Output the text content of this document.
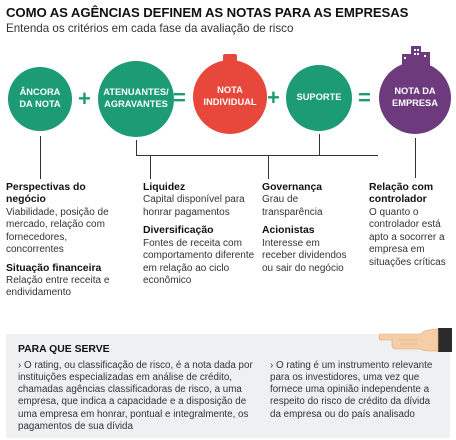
COMO AS AGÊNCIAS DEFINEM AS NOTAS PARA AS EMPRESAS
Entenda os critérios em cada fase da avaliação de risco
ÂNCORA
DA NOTA + ATENUANTES/
AGRAVANTES =	NOTA
INDIVIDUAL + SUPORTE =	NOTA DA
EMPRESA

Perspectivas do negócio

Viabilidade, posição de mercado, relação com fornecedores, concorrentes

Situação financeira

Relação entre receita e endividamento

Liquidez

Capital disponível para honrar pagamentos

Diversificação

Fontes de receita com comportamento diferente em relação ao ciclo econômico

Governança

Grau de transparência

Acionistas

Interesse em receber dividendos ou sair do negócio

Relação com controlador

O quanto o controlador está apto a socorrer a empresa em situações críticas

PARA QUE SERVE
› O rating, ou classificação de risco, é a nota dada por instituições especializadas em análise de crédito, chamadas agências classificadoras de risco, a uma empresa, que indica a capacidade e a disposição de uma empresa em honrar, pontual e integralmente, os pagamentos de sua dívida
› O rating é um instrumento relevante para os investidores, uma vez que fornece uma opinião independente a respeito do risco de crédito da dívida da empresa ou do país analisado
